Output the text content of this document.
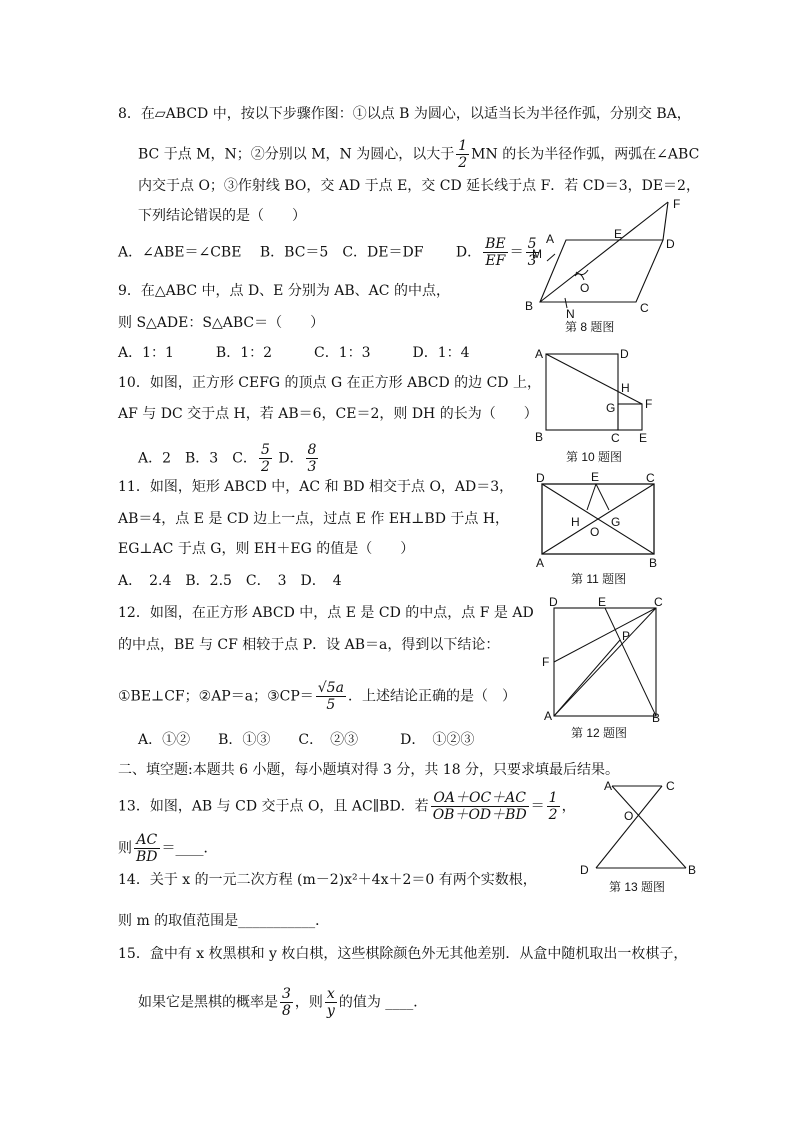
8．在▱ABCD 中，按以下步骤作图：①以点 B 为圆心，以适当长为半径作弧，分别交 BA，
BC 于点 M，N；②分别以 M，N 为圆心，以大于 $\frac{1}{2}$ MN 的长为半径作弧，两弧在∠ABC
内交于点 O；③作射线 BO，交 AD 于点 E，交 CD 延长线于点 F．若 CD＝3，DE＝2，
下列结论错误的是（　　）
A．∠ABE＝∠CBE　 B．BC＝5　C．DE＝DF　　 D． $\frac{BE}{EF} = \frac{5}{3}$ A
B	C
D
E
F
M
N
O
第 8 题图
9．在△ABC 中，点 D、E 分别为 AB、AC 的中点，
则 S△ADE：S△ABC＝（　　）
A．1：1　　　B．1：2　　　C．1：3　　　D．1：4
10．如图，正方形 CEFG 的顶点 G 在正方形 ABCD 的边 CD 上，
AF 与 DC 交于点 H，若 AB＝6，CE＝2，则 DH 的长为（　　）
A．2　B．3　C． $\frac{5}{2}$ D． $\frac{8}{3}$
A
B	C
D
E
F
G
H
第 10 题图
11．如图，矩形 ABCD 中，AC 和 BD 相交于点 O，AD＝3，
AB＝4，点 E 是 CD 边上一点，过点 E 作 EH⊥BD 于点 H，
EG⊥AC 于点 G，则 EH＋EG 的值是（　　）
A．　2.4　B．2.5　C．　3　D．　4
D	C
A	B
E
H	G
O
第 11 题图
12．如图，在正方形 ABCD 中，点 E 是 CD 的中点，点 F 是 AD
的中点，BE 与 CF 相较于点 P．设 AB＝a，得到以下结论：
①BE⊥CF；②AP＝a；③CP＝ $\frac{√5a}{5}$ ．上述结论正确的是（　）
A．①②　　B．①③　　C．　②③　　　D．　①②③
D	E	C
F
P
A	B
第 12 题图
二、填空题:本题共 6 小题，每小题填对得 3 分，共 18 分，只要求填最后结果。
13．如图，AB 与 CD 交于点 O，且 AC∥BD．若 $\frac{OA+OC+AC}{OB+OD+BD} = \frac{1}{2}$ ，
则 $\frac{AC}{BD}$ ＝____．
A	C
O
D	B
第 13 题图
14．关于 x 的一元二次方程 (m－2)x²＋4x＋2＝0 有两个实数根，
则 m 的取值范围是___________．
15．盒中有 x 枚黑棋和 y 枚白棋，这些棋除颜色外无其他差别．从盒中随机取出一枚棋子，
如果它是黑棋的概率是 $\frac{3}{8}$ ，则 $\frac{x}{y}$ 的值为 ____．
